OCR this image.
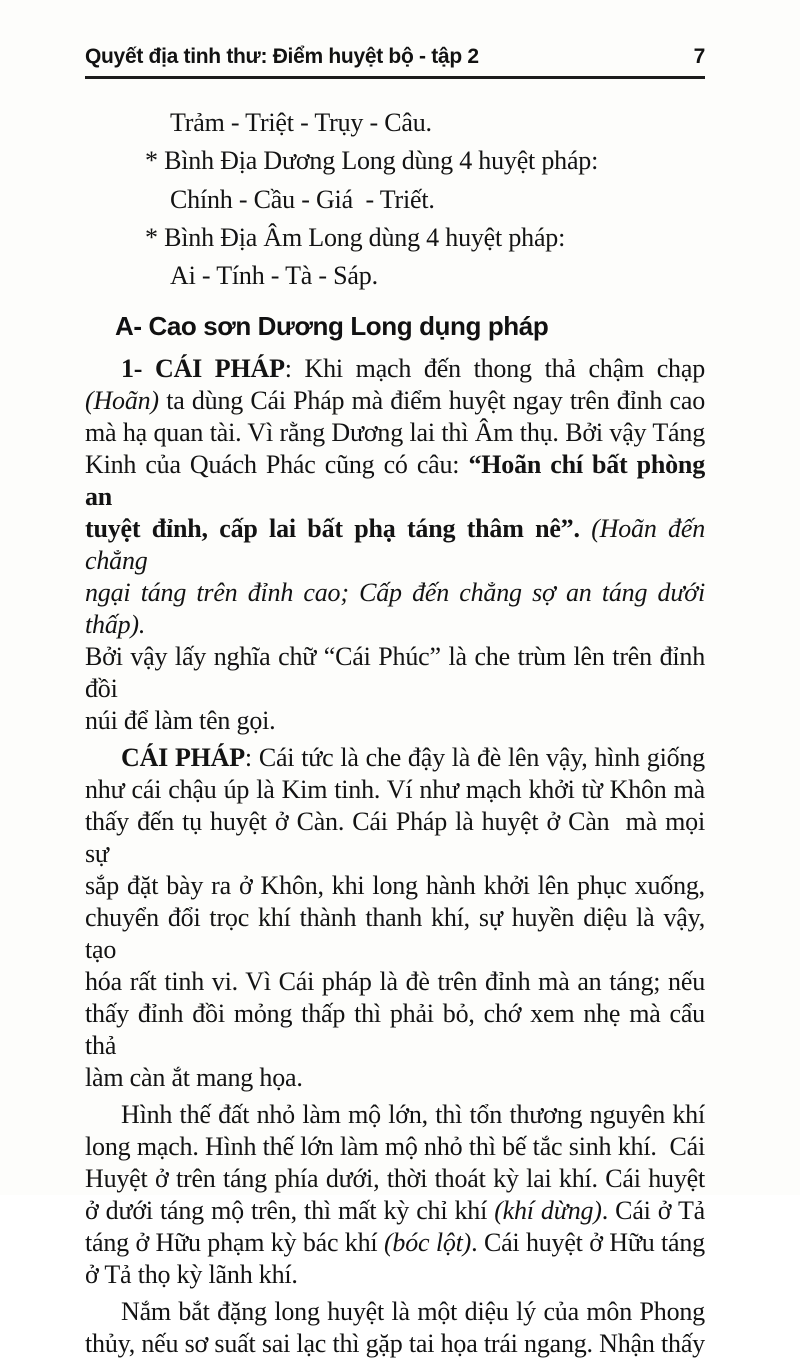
Quyết địa tinh thư: Điểm huyệt bộ - tập 2	7
Trảm - Triệt - Trụy - Câu.
* Bình Địa Dương Long dùng 4 huyệt pháp:
Chính - Cầu - Giá  - Triết.
* Bình Địa Âm Long dùng 4 huyệt pháp:
Ai - Tính - Tà - Sáp.
A- Cao sơn Dương Long dụng pháp
1- CÁI PHÁP: Khi mạch đến thong thả chậm chạp
(Hoãn) ta dùng Cái Pháp mà điểm huyệt ngay trên đỉnh cao
mà hạ quan tài. Vì rằng Dương lai thì Âm thụ. Bởi vậy Táng
Kinh của Quách Phác cũng có câu: “Hoãn chí bất phòng an
tuyệt đỉnh, cấp lai bất phạ táng thâm nê”. (Hoãn đến chẳng
ngại táng trên đỉnh cao; Cấp đến chẳng sợ an táng dưới thấp).
Bởi vậy lấy nghĩa chữ “Cái Phúc” là che trùm lên trên đỉnh đồi
núi để làm tên gọi.
CÁI PHÁP: Cái tức là che đậy là đè lên vậy, hình giống
như cái chậu úp là Kim tinh. Ví như mạch khởi từ Khôn mà
thấy đến tụ huyệt ở Càn. Cái Pháp là huyệt ở Càn  mà mọi sự
sắp đặt bày ra ở Khôn, khi long hành khởi lên phục xuống,
chuyển đổi trọc khí thành thanh khí, sự huyền diệu là vậy, tạo
hóa rất tinh vi. Vì Cái pháp là đè trên đỉnh mà an táng; nếu
thấy đỉnh đồi mỏng thấp thì phải bỏ, chớ xem nhẹ mà cẩu thả
làm càn ắt mang họa.
Hình thế đất nhỏ làm mộ lớn, thì tổn thương nguyên khí
long mạch. Hình thế lớn làm mộ nhỏ thì bế tắc sinh khí.  Cái
Huyệt ở trên táng phía dưới, thời thoát kỳ lai khí. Cái huyệt
ở dưới táng mộ trên, thì mất kỳ chỉ khí (khí dừng). Cái ở Tả
táng ở Hữu phạm kỳ bác khí (bóc lột). Cái huyệt ở Hữu táng
ở Tả thọ kỳ lãnh khí.
Nắm bắt đặng long huyệt là một diệu lý của môn Phong
thủy, nếu sơ suất sai lạc thì gặp tai họa trái ngang. Nhận thấy
